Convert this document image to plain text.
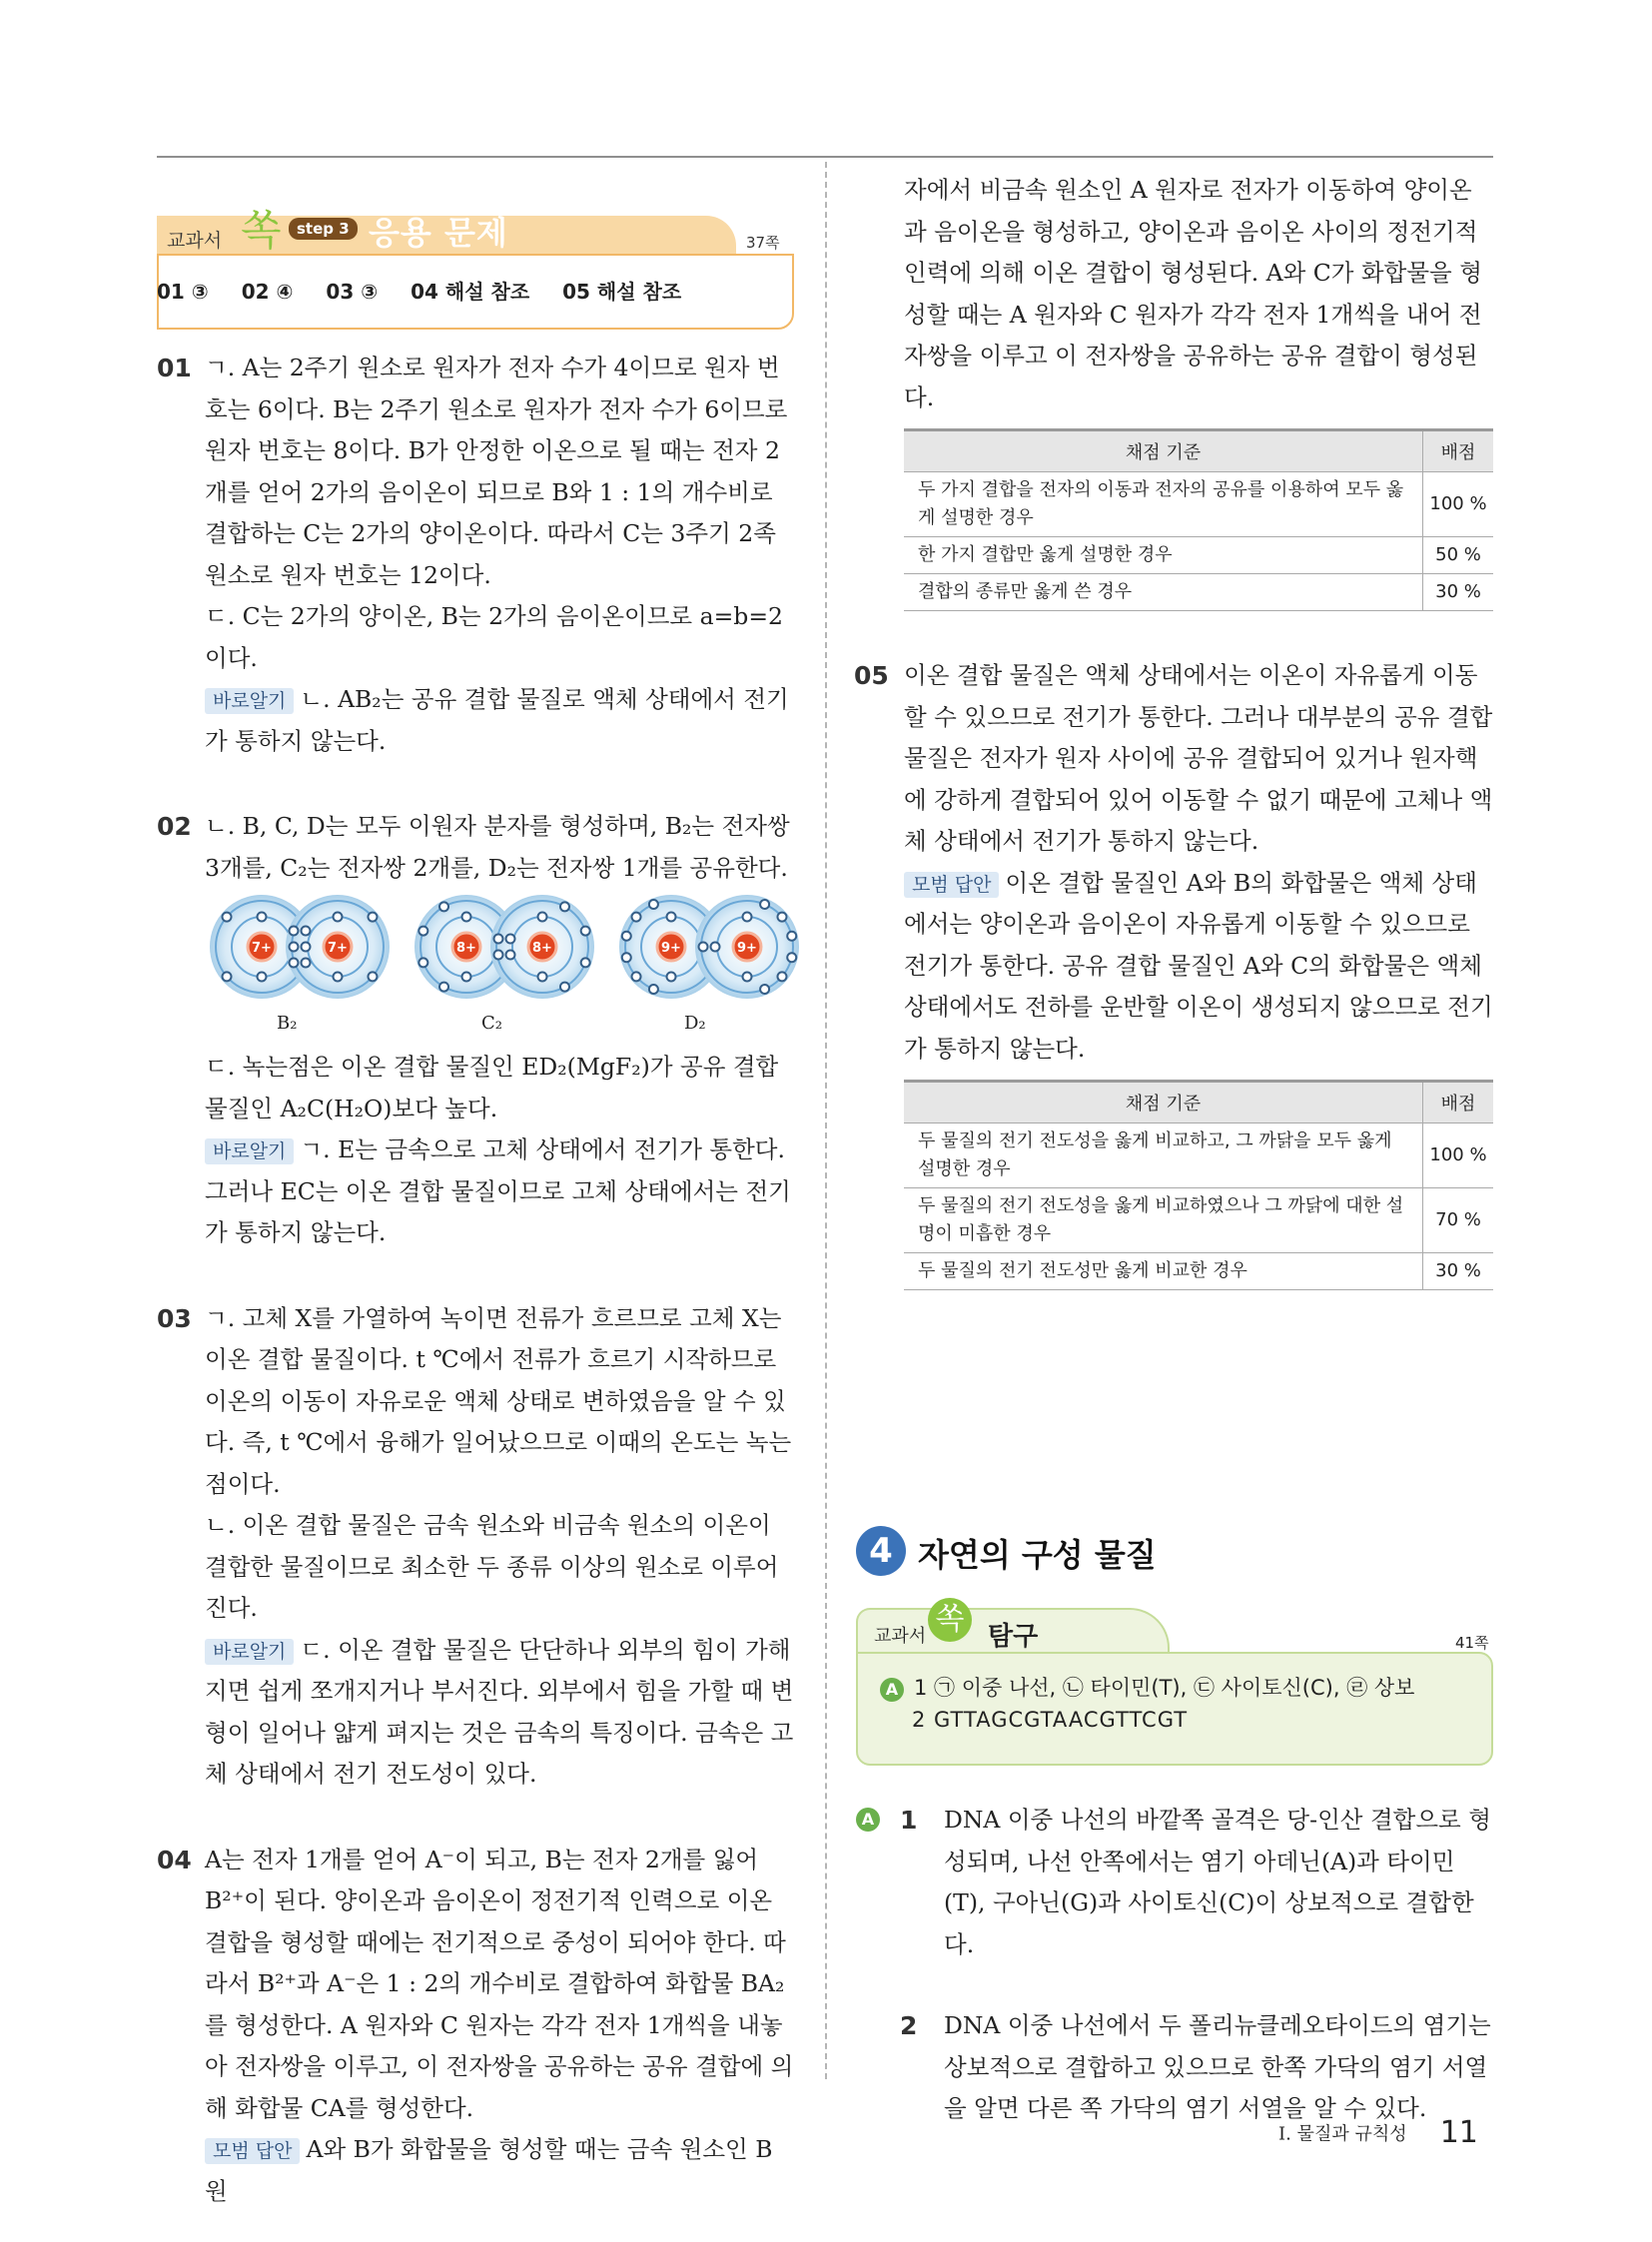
교과서 쏙	step 3 응용 문제	37쪽
01 ③ 02 ④ 03 ③ 04 해설 참조 05 해설 참조
01 ㄱ. A는 2주기 원소로 원자가 전자 수가 4이므로 원자 번호는 6이다. B는 2주기 원소로 원자가 전자 수가 6이므로 원자 번호는 8이다. B가 안정한 이온으로 될 때는 전자 2개를 얻어 2가의 음이온이 되므로 B와 1 : 1의 개수비로 결합하는 C는 2가의 양이온이다. 따라서 C는 3주기 2족 원소로 원자 번호는 12이다.

ㄷ. C는 2가의 양이온, B는 2가의 음이온이므로 a=b=2이다.

바로알기 ㄴ. AB₂는 공유 결합 물질로 액체 상태에서 전기가 통하지 않는다.

02 ㄴ. B, C, D는 모두 이원자 분자를 형성하며, B₂는 전자쌍 3개를, C₂는 전자쌍 2개를, D₂는 전자쌍 1개를 공유한다.

7+	7+	8+	8+	9+	9+
B₂	C₂	D₂

ㄷ. 녹는점은 이온 결합 물질인 ED₂(MgF₂)가 공유 결합 물질인 A₂C(H₂O)보다 높다.

바로알기 ㄱ. E는 금속으로 고체 상태에서 전기가 통한다. 그러나 EC는 이온 결합 물질이므로 고체 상태에서는 전기가 통하지 않는다.

03 ㄱ. 고체 X를 가열하여 녹이면 전류가 흐르므로 고체 X는 이온 결합 물질이다. t ℃에서 전류가 흐르기 시작하므로 이온의 이동이 자유로운 액체 상태로 변하였음을 알 수 있다. 즉, t ℃에서 융해가 일어났으므로 이때의 온도는 녹는점이다.

ㄴ. 이온 결합 물질은 금속 원소와 비금속 원소의 이온이 결합한 물질이므로 최소한 두 종류 이상의 원소로 이루어진다.

바로알기 ㄷ. 이온 결합 물질은 단단하나 외부의 힘이 가해지면 쉽게 쪼개지거나 부서진다. 외부에서 힘을 가할 때 변형이 일어나 얇게 펴지는 것은 금속의 특징이다. 금속은 고체 상태에서 전기 전도성이 있다.

04 A는 전자 1개를 얻어 A⁻이 되고, B는 전자 2개를 잃어 B²⁺이 된다. 양이온과 음이온이 정전기적 인력으로 이온 결합을 형성할 때에는 전기적으로 중성이 되어야 한다. 따라서 B²⁺과 A⁻은 1 : 2의 개수비로 결합하여 화합물 BA₂를 형성한다. A 원자와 C 원자는 각각 전자 1개씩을 내놓아 전자쌍을 이루고, 이 전자쌍을 공유하는 공유 결합에 의해 화합물 CA를 형성한다.

모범 답안 A와 B가 화합물을 형성할 때는 금속 원소인 B 원

자에서 비금속 원소인 A 원자로 전자가 이동하여 양이온과 음이온을 형성하고, 양이온과 음이온 사이의 정전기적 인력에 의해 이온 결합이 형성된다. A와 C가 화합물을 형성할 때는 A 원자와 C 원자가 각각 전자 1개씩을 내어 전자쌍을 이루고 이 전자쌍을 공유하는 공유 결합이 형성된다.

채점 기준	배점
두 가지 결합을 전자의 이동과 전자의 공유를 이용하여 모두 옳게 설명한 경우	100 %
한 가지 결합만 옳게 설명한 경우	50 %
결합의 종류만 옳게 쓴 경우	30 %
05 이온 결합 물질은 액체 상태에서는 이온이 자유롭게 이동할 수 있으므로 전기가 통한다. 그러나 대부분의 공유 결합 물질은 전자가 원자 사이에 공유 결합되어 있거나 원자핵에 강하게 결합되어 있어 이동할 수 없기 때문에 고체나 액체 상태에서 전기가 통하지 않는다.

모범 답안 이온 결합 물질인 A와 B의 화합물은 액체 상태에서는 양이온과 음이온이 자유롭게 이동할 수 있으므로 전기가 통한다. 공유 결합 물질인 A와 C의 화합물은 액체 상태에서도 전하를 운반할 이온이 생성되지 않으므로 전기가 통하지 않는다.

채점 기준	배점
두 물질의 전기 전도성을 옳게 비교하고, 그 까닭을 모두 옳게 설명한 경우	100 %
두 물질의 전기 전도성을 옳게 비교하였으나 그 까닭에 대한 설명이 미흡한 경우	70 %
두 물질의 전기 전도성만 옳게 비교한 경우	30 %
4 자연의 구성 물질
교과서 쏙 탐구	41쪽
A 1 ㉠ 이중 나선, ㉡ 타이민(T), ㉢ 사이토신(C), ㉣ 상보
2 GTTAGCGTAACGTTCGT
A 1 DNA 이중 나선의 바깥쪽 골격은 당-인산 결합으로 형성되며, 나선 안쪽에서는 염기 아데닌(A)과 타이민(T), 구아닌(G)과 사이토신(C)이 상보적으로 결합한다.

2 DNA 이중 나선에서 두 폴리뉴클레오타이드의 염기는 상보적으로 결합하고 있으므로 한쪽 가닥의 염기 서열을 알면 다른 쪽 가닥의 염기 서열을 알 수 있다.

Ⅰ. 물질과 규칙성 11
